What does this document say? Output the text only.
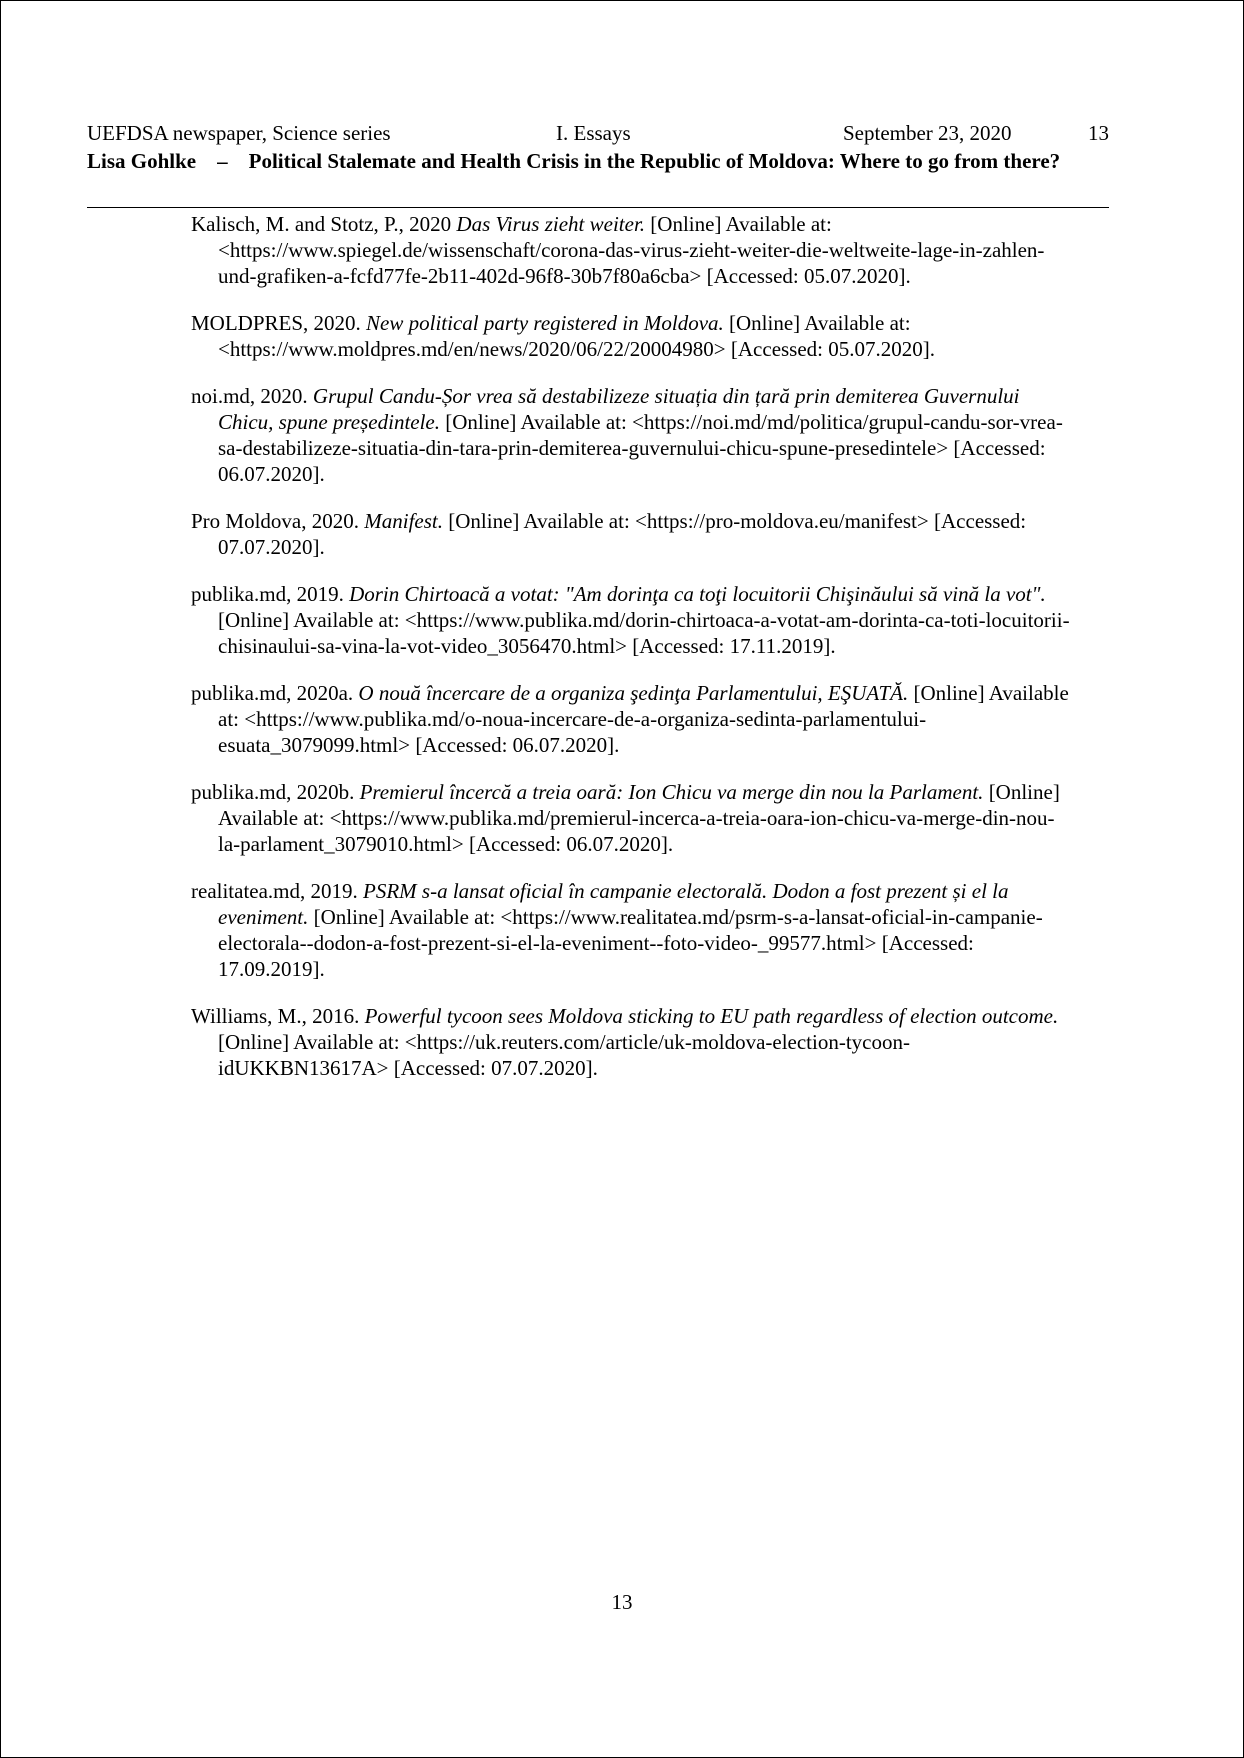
UEFDSA newspaper, Science series	I. Essays	September 23, 2020	13
Lisa Gohlke – Political Stalemate and Health Crisis in the Republic of Moldova: Where to go from there?

Kalisch, M. and Stotz, P., 2020 Das Virus zieht weiter. [Online] Available at: <https://www.spiegel.de/wissenschaft/corona-das-virus-zieht-weiter-die-weltweite-lage-in-zahlen-und-grafiken-a-fcfd77fe-2b11-402d-96f8-30b7f80a6cba> [Accessed: 05.07.2020].

MOLDPRES, 2020. New political party registered in Moldova. [Online] Available at: <https://www.moldpres.md/en/news/2020/06/22/20004980> [Accessed: 05.07.2020].

noi.md, 2020. Grupul Candu-Șor vrea să destabilizeze situația din țară prin demiterea Guvernului Chicu, spune președintele. [Online] Available at: <https://noi.md/md/politica/grupul-candu-sor-vrea-sa-destabilizeze-situatia-din-tara-prin-demiterea-guvernului-chicu-spune-presedintele> [Accessed: 06.07.2020].

Pro Moldova, 2020. Manifest. [Online] Available at: <https://pro-moldova.eu/manifest> [Accessed: 07.07.2020].

publika.md, 2019. Dorin Chirtoacă a votat: "Am dorinţa ca toţi locuitorii Chişinăului să vină la vot". [Online] Available at: <https://www.publika.md/dorin-chirtoaca-a-votat-am-dorinta-ca-toti-locuitorii-chisinaului-sa-vina-la-vot-video_3056470.html> [Accessed: 17.11.2019].

publika.md, 2020a. O nouă încercare de a organiza şedinţa Parlamentului, EŞUATĂ. [Online] Available at: <https://www.publika.md/o-noua-incercare-de-a-organiza-sedinta-parlamentului-esuata_3079099.html> [Accessed: 06.07.2020].

publika.md, 2020b. Premierul încercă a treia oară: Ion Chicu va merge din nou la Parlament. [Online] Available at: <https://www.publika.md/premierul-incerca-a-treia-oara-ion-chicu-va-merge-din-nou-la-parlament_3079010.html> [Accessed: 06.07.2020].

realitatea.md, 2019. PSRM s-a lansat oficial în campanie electorală. Dodon a fost prezent și el la eveniment. [Online] Available at: <https://www.realitatea.md/psrm-s-a-lansat-oficial-in-campanie-electorala--dodon-a-fost-prezent-si-el-la-eveniment--foto-video-_99577.html> [Accessed: 17.09.2019].

Williams, M., 2016. Powerful tycoon sees Moldova sticking to EU path regardless of election outcome. [Online] Available at: <https://uk.reuters.com/article/uk-moldova-election-tycoon-idUKKBN13617A> [Accessed: 07.07.2020].

13
